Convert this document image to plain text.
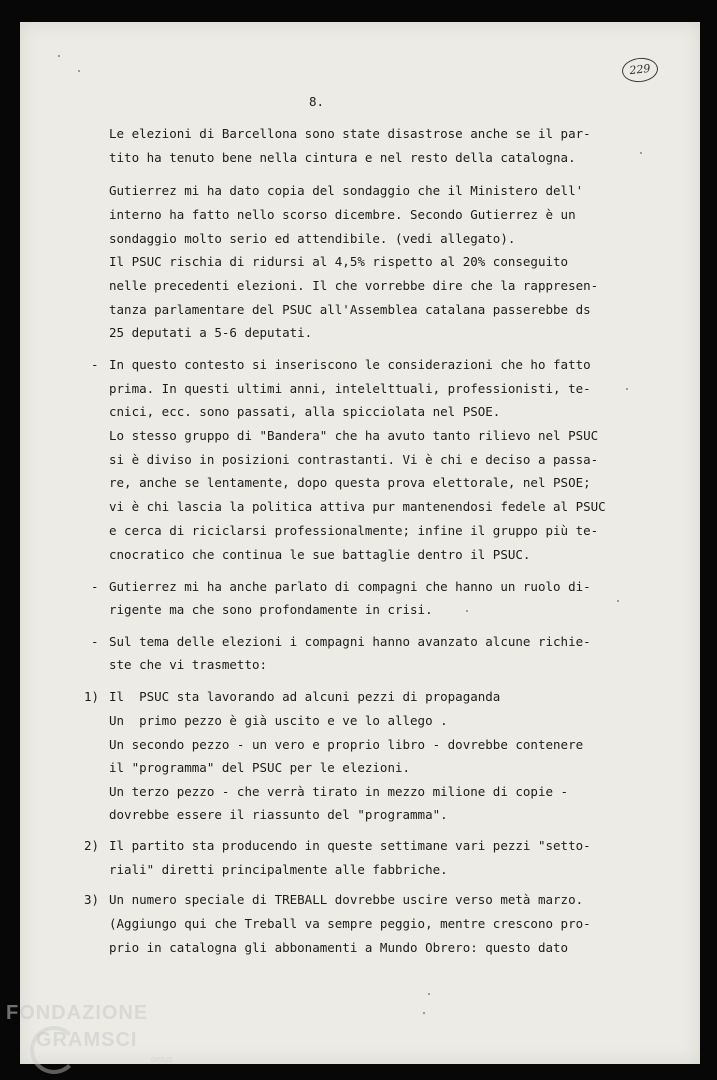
229
8.
Le elezioni di Barcellona sono state disastrose anche se il par-
tito ha tenuto bene nella cintura e nel resto della catalogna.
Gutierrez mi ha dato copia del sondaggio che il Ministero dell'
interno ha fatto nello scorso dicembre. Secondo Gutierrez è un
sondaggio molto serio ed attendibile. (vedi allegato).
Il PSUC rischia di ridursi al 4,5% rispetto al 20% conseguito
nelle precedenti elezioni. Il che vorrebbe dire che la rappresen-
tanza parlamentare del PSUC all'Assemblea catalana passerebbe ds
25 deputati a 5-6 deputati.
- In questo contesto si inseriscono le considerazioni che ho fatto
prima. In questi ultimi anni, intelelttuali, professionisti, te-
cnici, ecc. sono passati, alla spicciolata nel PSOE.
Lo stesso gruppo di "Bandera" che ha avuto tanto rilievo nel PSUC
si è diviso in posizioni contrastanti. Vi è chi e deciso a passa-
re, anche se lentamente, dopo questa prova elettorale, nel PSOE;
vi è chi lascia la politica attiva pur mantenendosi fedele al PSUC
e cerca di riciclarsi professionalmente; infine il gruppo più te-
cnocratico che continua le sue battaglie dentro il PSUC.
- Gutierrez mi ha anche parlato di compagni che hanno un ruolo di-
rigente ma che sono profondamente in crisi.
- Sul tema delle elezioni i compagni hanno avanzato alcune richie-
ste che vi trasmetto:
1) Il  PSUC sta lavorando ad alcuni pezzi di propaganda
Un  primo pezzo è già uscito e ve lo allego .
Un secondo pezzo - un vero e proprio libro - dovrebbe contenere
il "programma" del PSUC per le elezioni.
Un terzo pezzo - che verrà tirato in mezzo milione di copie -
dovrebbe essere il riassunto del "programma".
2) Il partito sta producendo in queste settimane vari pezzi "setto-
riali" diretti principalmente alle fabbriche.
3) Un numero speciale di TREBALL dovrebbe uscire verso metà marzo.
(Aggiungo qui che Treball va sempre peggio, mentre crescono pro-
prio in catalogna gli abbonamenti a Mundo Obrero: questo dato
FONDAZIONE
GRAMSCI
onlus
